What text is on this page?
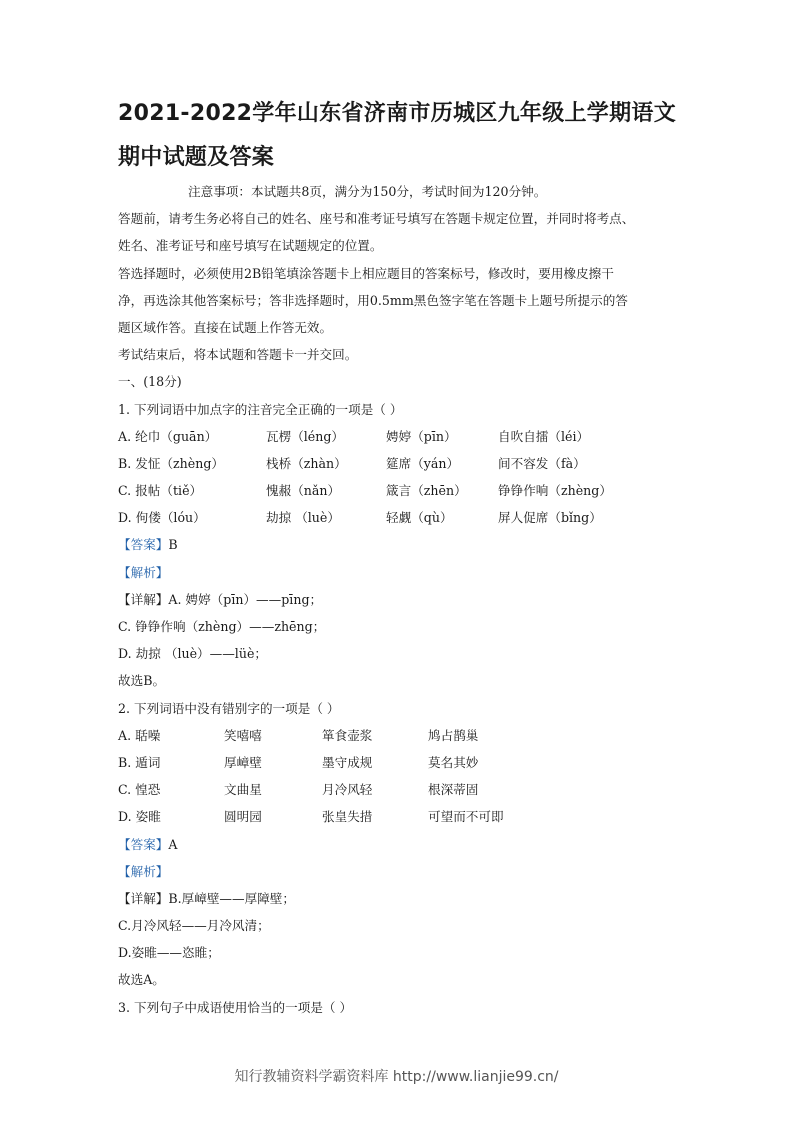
2021-2022学年山东省济南市历城区九年级上学期语文期中试题及答案
注意事项：本试题共8页，满分为150分，考试时间为120分钟。
答题前，请考生务必将自己的姓名、座号和准考证号填写在答题卡规定位置，并同时将考点、
姓名、准考证号和座号填写在试题规定的位置。
答选择题时，必须使用2B铅笔填涂答题卡上相应题目的答案标号，修改时，要用橡皮擦干
净，再选涂其他答案标号；答非选择题时，用0.5mm黑色签字笔在答题卡上题号所提示的答
题区域作答。直接在试题上作答无效。
考试结束后，将本试题和答题卡一并交回。
一、(18分)
1. 下列词语中加点字的注音完全正确的一项是（ ）
A. 纶巾（guān）	瓦楞（léng）	娉婷（pīn）	自吹自擂（léi）
B. 发怔（zhèng）	栈桥（zhàn）	筵席（yán）	间不容发（fà）
C. 报帖（tiě）	愧赧（nǎn）	箴言（zhēn） 铮铮作响（zhèng）
D. 佝偻（lóu）	劫掠 （luè）	轻觑（qù）	屏人促席（bǐng）
【答案】B
【解析】
【详解】A. 娉婷（pīn）——pīng；
C. 铮铮作响（zhèng）——zhēng；
D. 劫掠 （luè）——lüè；
故选B。
2. 下列词语中没有错别字的一项是（ ）
A. 聒噪	笑嘻嘻	箪食壶浆	鸠占鹊巢
B. 遁词	厚嶂壁	墨守成规	莫名其妙
C. 惶恐	文曲星	月冷风轻	根深蒂固
D. 姿睢	圆明园	张皇失措	可望而不可即
【答案】A
【解析】
【详解】B.厚嶂壁——厚障壁；
C.月冷风轻——月冷风清；
D.姿睢——恣睢；
故选A。
3. 下列句子中成语使用恰当的一项是（ ）
知行教辅资料学霸资料库 http://www.lianjie99.cn/
